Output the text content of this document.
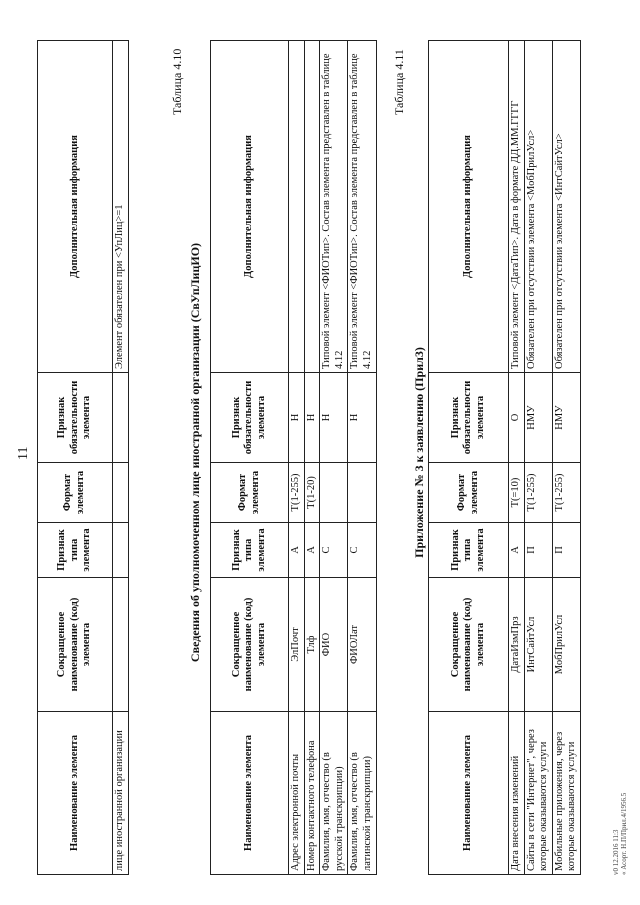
11
Наименование элемента	Сокращенное наименование (код) элемента	Признак типа элемента	Формат элемента	Признак обязательности элемента	Дополнительная информация
лице иностранной организации					Элемент обязателен при <УпЛиц>=1
Таблица 4.10
Сведения об уполномоченном лице иностранной организации (СвУпЛицИО)
Наименование элемента	Сокращенное наименование (код) элемента	Признак типа элемента	Формат элемента	Признак обязательности элемента	Дополнительная информация
Адрес электронной почты	ЭлПочт	А	Т(1-255)	Н	
Номер контактного телефона	Тлф	А	Т(1-20)	Н	
Фамилия, имя, отчество (в русской транскрипции)	ФИО	С		Н	Типовой элемент <ФИОТип>. Состав элемента представлен в таблице 4.12
Фамилия, имя, отчество (в латинской транскрипции)	ФИОЛат	С		Н	Типовой элемент <ФИОТип>. Состав элемента представлен в таблице 4.12
Таблица 4.11
Приложение № 3 к заявлению (Прил3)
Наименование элемента	Сокращенное наименование (код) элемента	Признак типа элемента	Формат элемента	Признак обязательности элемента	Дополнительная информация
Дата внесения изменений	ДатаИзмПрз	А	Т(=10)	О	Типовой элемент <ДатаТип>. Дата в формате ДД.ММ.ГГГГ
Сайты в сети "Интернет", через которые оказываются услуги	ИнтСайтУсл	П	Т(1-255)	НМУ	Обязателен при отсутствии элемента <МобПрилУсл>
Мобильные приложения, через которые оказываются услуги	МобПрилУсл	П	Т(1-255)	НМУ	Обязателен при отсутствии элемента <ИнтСайтУсл>
v0 12.2016 11:3 « Асорт. Н.П/Прил.4/1956.5
